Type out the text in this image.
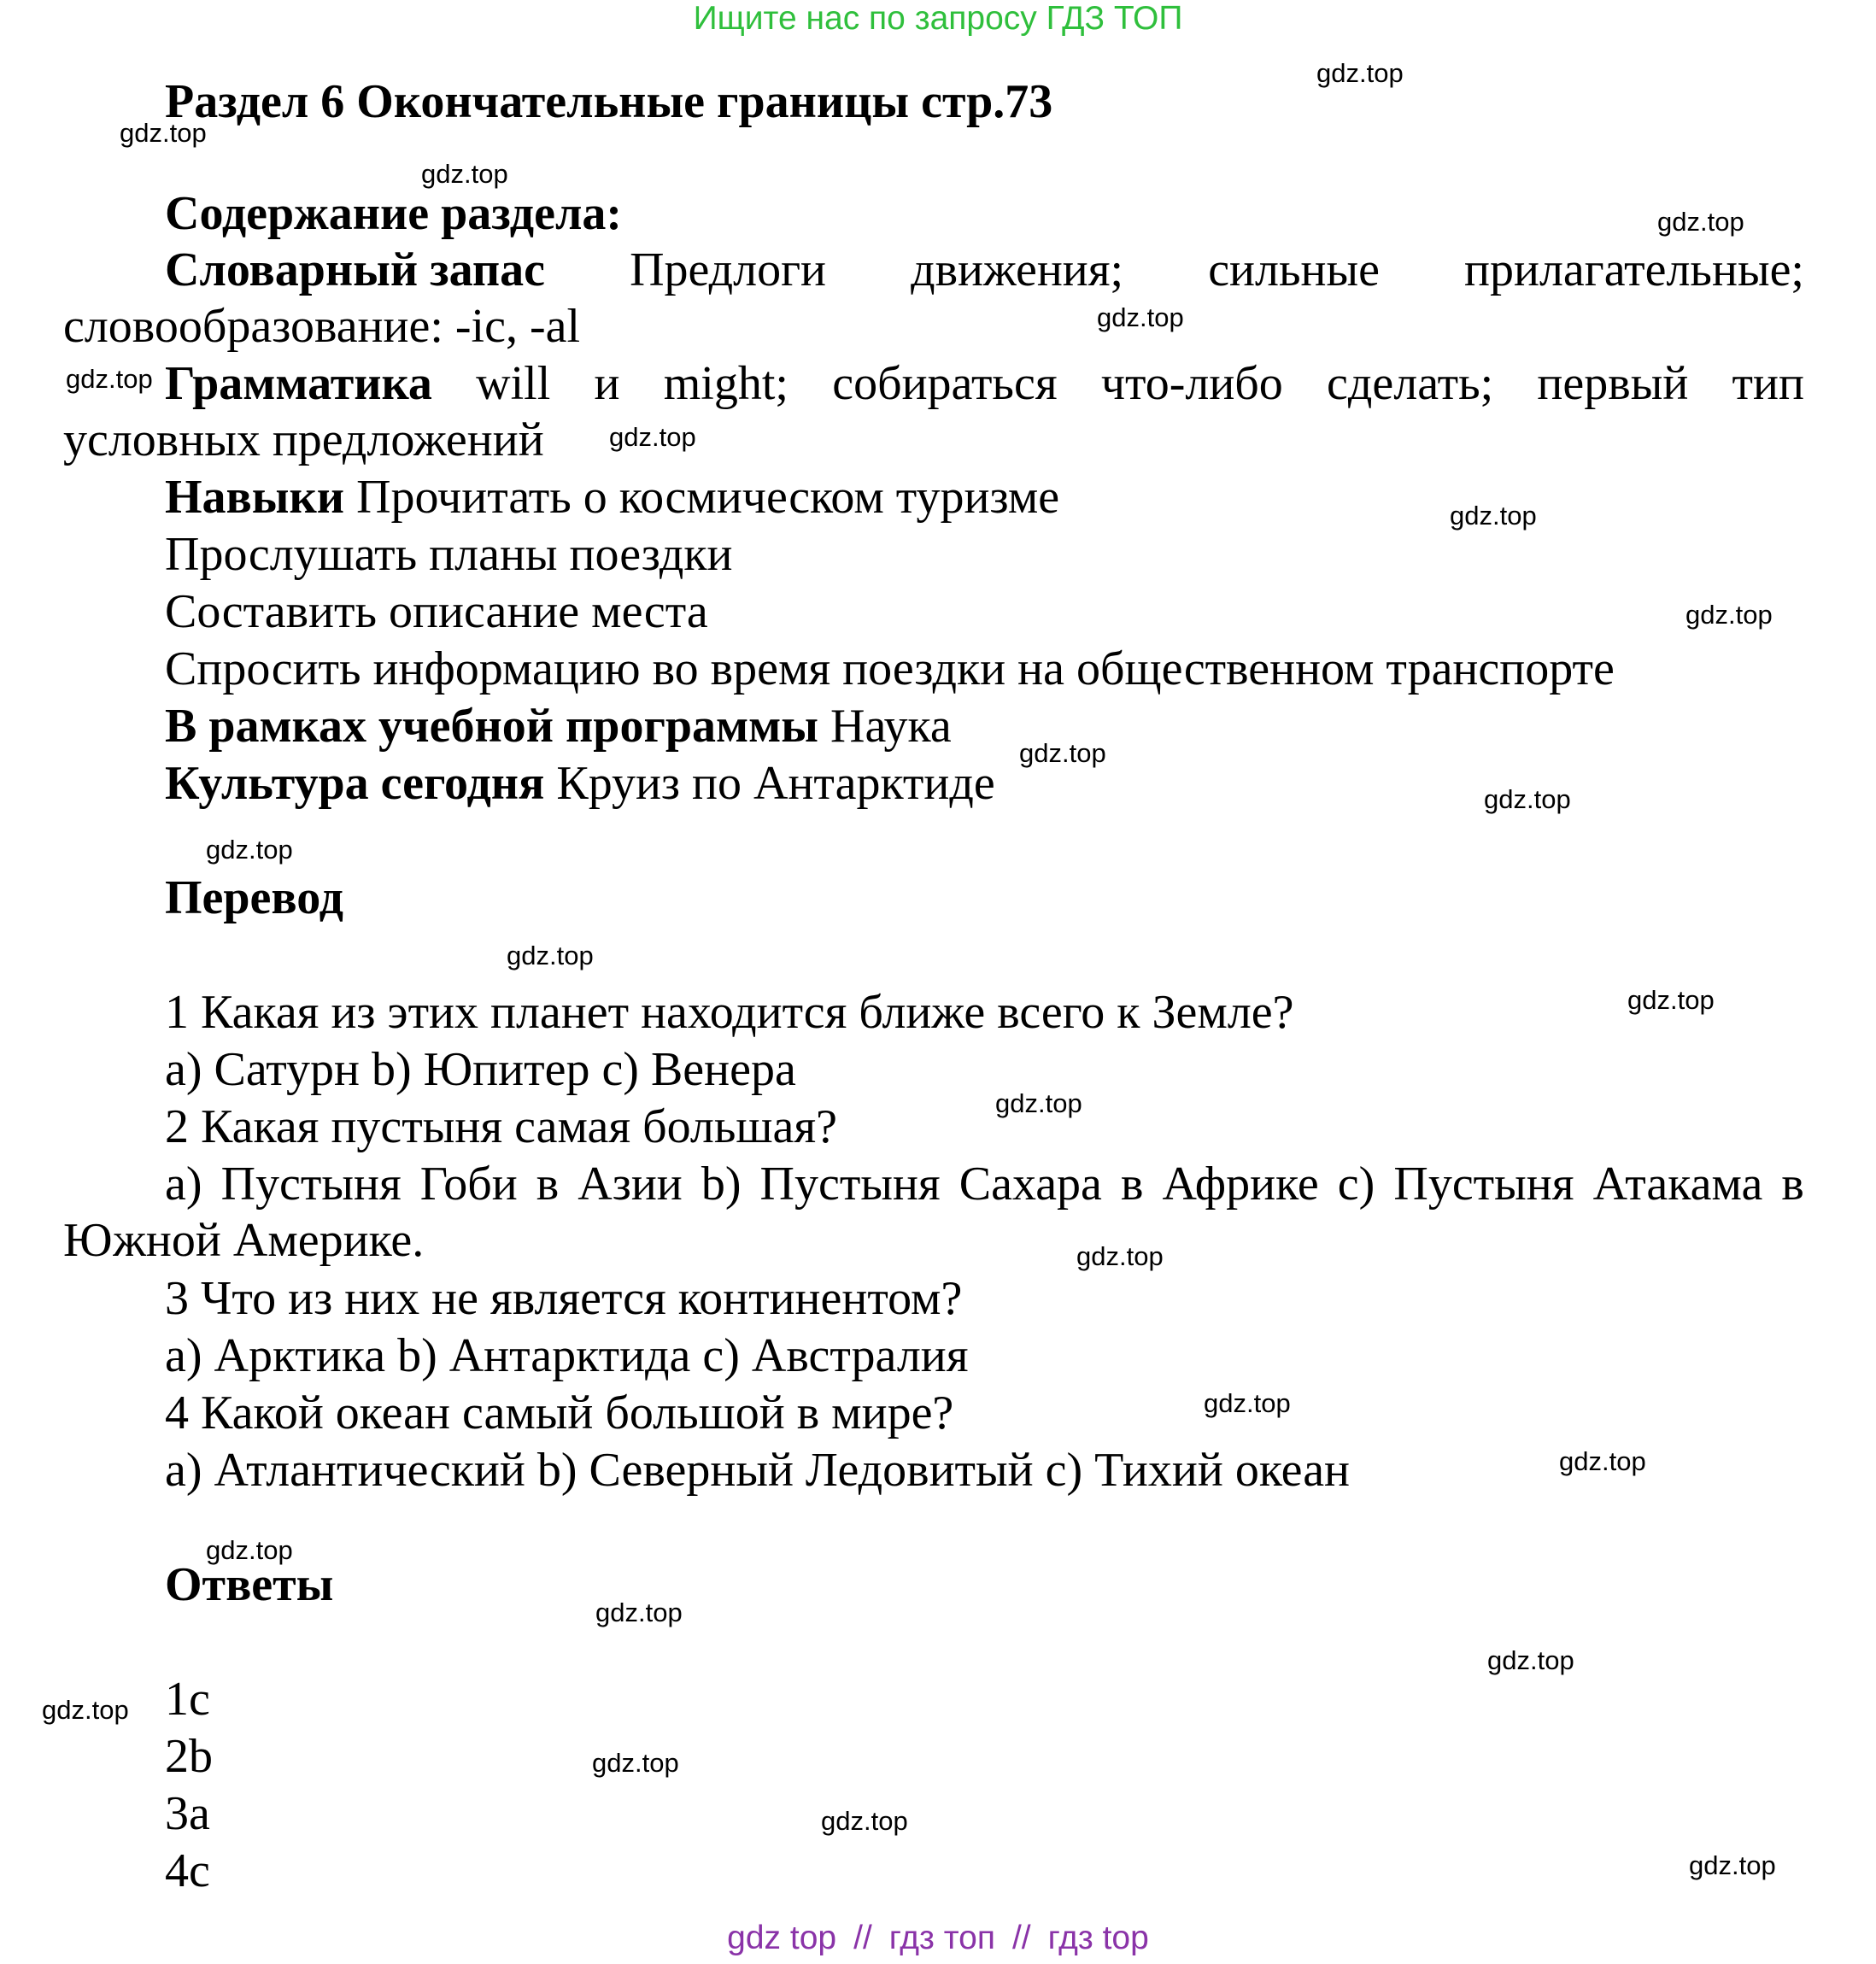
Ищите нас по запросу ГДЗ ТОП
Раздел 6 Окончательные границы стр.73
Содержание раздела:
Словарный запас Предлоги движения; сильные прилагательные;
словообразование: -ic, -al
Грамматика will и might; собираться что-либо сделать; первый тип
условных предложений
Навыки Прочитать о космическом туризме
Прослушать планы поездки
Составить описание места
Спросить информацию во время поездки на общественном транспорте
В рамках учебной программы Наука
Культура сегодня Круиз по Антарктиде
Перевод
1 Какая из этих планет находится ближе всего к Земле?
a) Сатурн b) Юпитер c) Венера
2 Какая пустыня самая большая?
a) Пустыня Гоби в Азии b) Пустыня Сахара в Африке c) Пустыня Атакама в
Южной Америке.
3 Что из них не является континентом?
a) Арктика b) Антарктида c) Австралия
4 Какой океан самый большой в мире?
a) Атлантический b) Северный Ледовитый c) Тихий океан
Ответы
1c
2b
3a
4c
gdz.top
gdz.top
gdz.top
gdz.top
gdz.top
gdz.top
gdz.top
gdz.top
gdz.top
gdz.top
gdz.top
gdz.top
gdz.top
gdz.top
gdz.top
gdz.top
gdz.top
gdz.top
gdz.top
gdz.top
gdz.top
gdz.top
gdz.top
gdz.top
gdz.top
gdz top // гдз топ // гдз top
